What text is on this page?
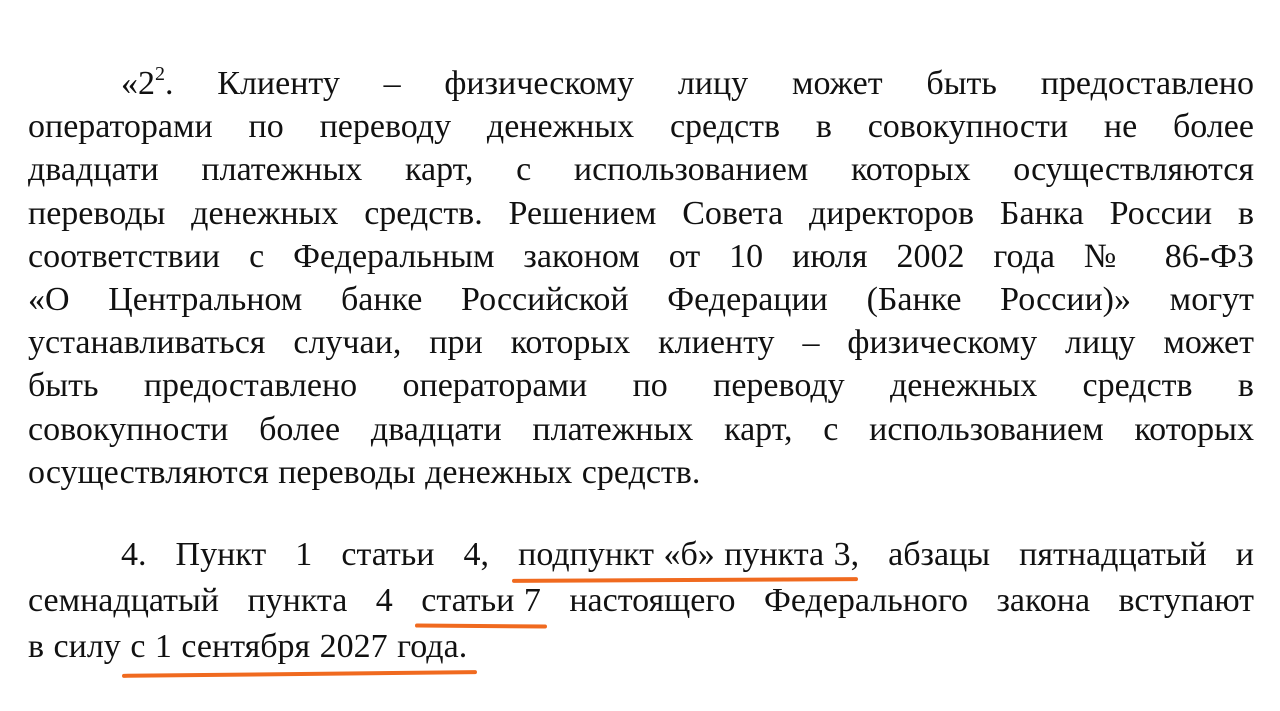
«$2^2$. Клиенту – физическому лицу может быть предоставлено
операторами по переводу денежных средств в совокупности не более
двадцати платежных карт, с использованием которых осуществляются
переводы денежных средств. Решением Совета директоров Банка России в
соответствии с Федеральным законом от 10 июля 2002 года № 86-ФЗ
«О Центральном банке Российской Федерации (Банке России)» могут
устанавливаться случаи, при которых клиенту – физическому лицу может
быть предоставлено операторами по переводу денежных средств в
совокупности более двадцати платежных карт, с использованием которых
осуществляются переводы денежных средств.
4. Пункт 1 статьи 4, подпункт «б» пункта 3, абзацы пятнадцатый и
семнадцатый пункта 4 статьи 7 настоящего Федерального закона вступают
в силу с 1 сентября 2027 года.
